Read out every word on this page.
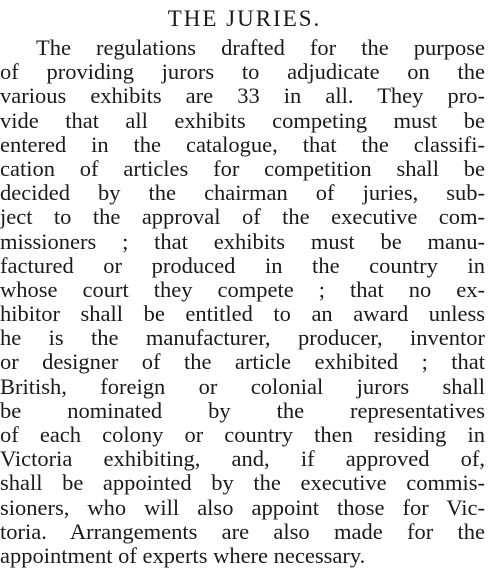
THE JURIES.
The regulations drafted for the purpose
of providing jurors to adjudicate on the
various exhibits are 33 in all. They pro-
vide that all exhibits competing must be
entered in the catalogue, that the classifi-
cation of articles for competition shall be
decided by the chairman of juries, sub-
ject to the approval of the executive com-
missioners ; that exhibits must be manu-
factured or produced in the country in
whose court they compete ; that no ex-
hibitor shall be entitled to an award unless
he is the manufacturer, producer, inventor
or designer of the article exhibited ; that
British, foreign or colonial jurors shall
be nominated by the representatives
of each colony or country then residing in
Victoria exhibiting, and, if approved of,
shall be appointed by the executive commis-
sioners, who will also appoint those for Vic-
toria. Arrangements are also made for the
appointment of experts where necessary.
